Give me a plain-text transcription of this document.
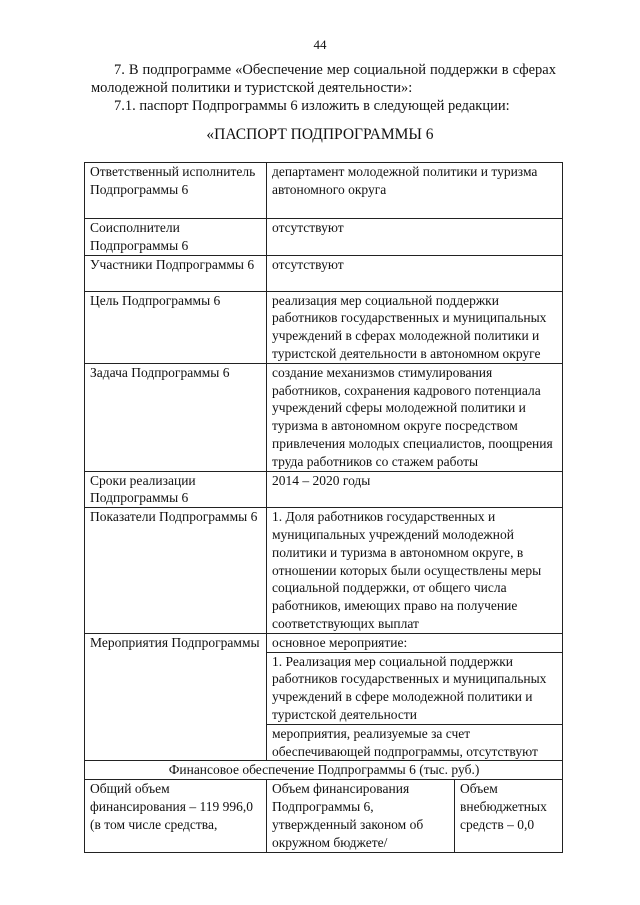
44

7. В подпрограмме «Обеспечение мер социальной поддержки в сферах молодежной политики и туристской деятельности»:

7.1. паспорт Подпрограммы 6 изложить в следующей редакции:

«ПАСПОРТ ПОДПРОГРАММЫ 6
Ответственный исполнитель Подпрограммы 6	департамент молодежной политики и туризма автономного округа	
Соисполнители Подпрограммы 6	отсутствуют	
Участники Подпрограммы 6	отсутствуют	
Цель Подпрограммы 6	реализация мер социальной поддержки работников государственных и муниципальных учреждений в сферах молодежной политики и туристской деятельности в автономном округе	
Задача Подпрограммы 6	создание механизмов стимулирования работников, сохранения кадрового потенциала учреждений сферы молодежной политики и туризма в автономном округе посредством привлечения молодых специалистов, поощрения труда работников со стажем работы	
Сроки реализации Подпрограммы 6	2014 – 2020 годы	
Показатели Подпрограммы 6	1. Доля работников государственных и муниципальных учреждений молодежной политики и туризма в автономном округе, в отношении которых были осуществлены меры социальной поддержки, от общего числа работников, имеющих право на получение соответствующих выплат	
Мероприятия Подпрограммы	основное мероприятие:	
	1. Реализация мер социальной поддержки работников государственных и муниципальных учреждений в сфере молодежной политики и туристской деятельности	
	мероприятия, реализуемые за счет обеспечивающей подпрограммы, отсутствуют	
Финансовое обеспечение Подпрограммы 6 (тыс. руб.)		
Общий объем финансирования – 119 996,0 (в том числе средства,	Объем финансирования Подпрограммы 6, утвержденный законом об окружном бюджете/	Объем внебюджетных средств – 0,0
